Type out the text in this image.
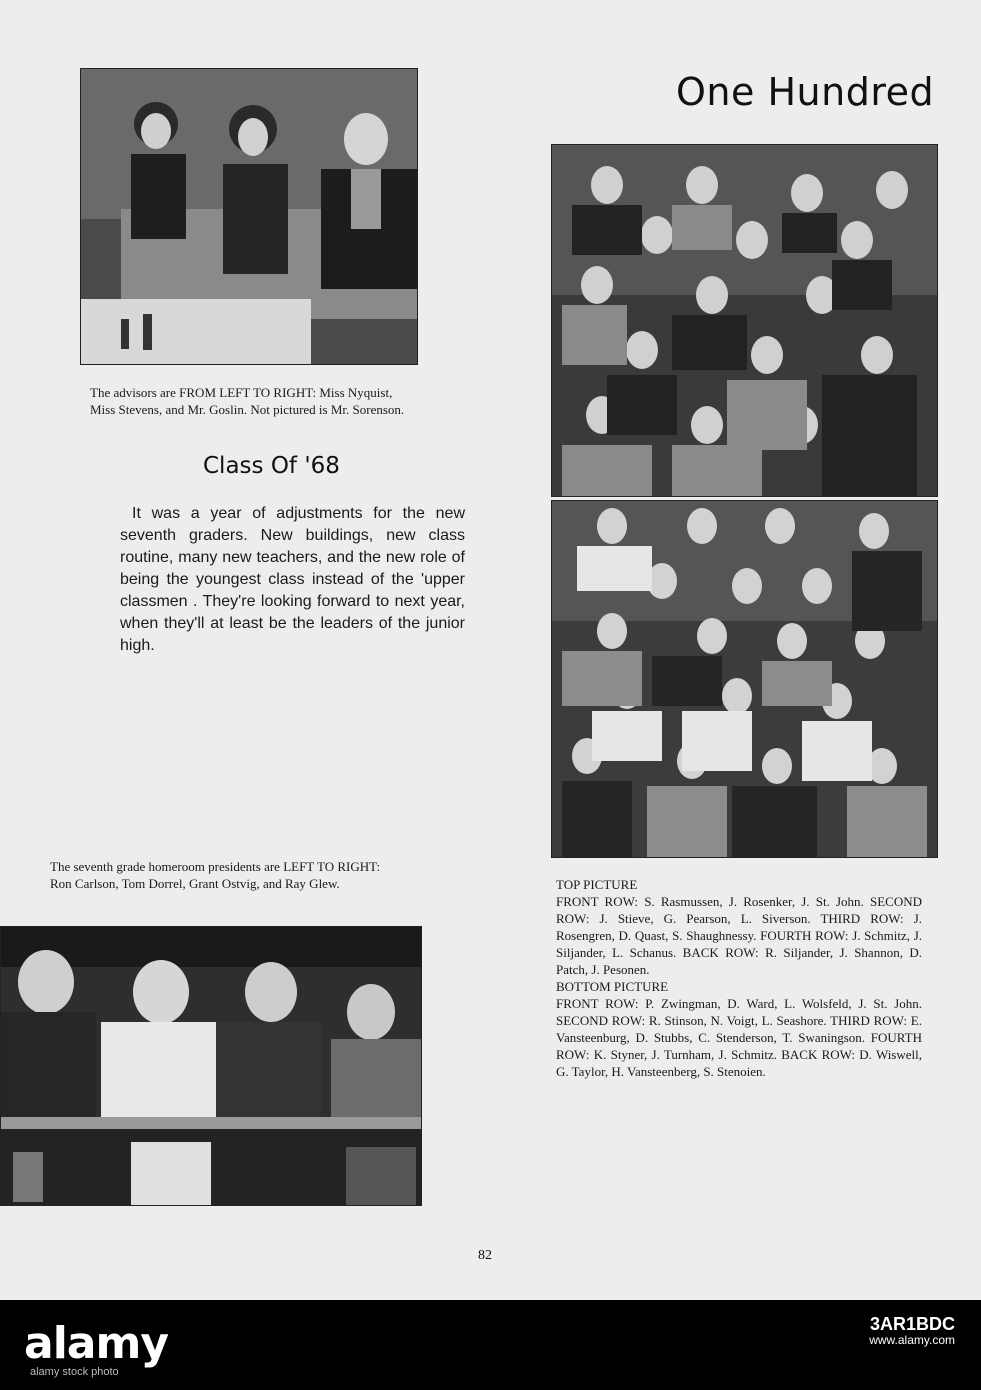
One Hundred
The advisors are FROM LEFT TO RIGHT: Miss Nyquist, Miss Stevens, and Mr. Goslin. Not pictured is Mr. Sorenson.
Class Of '68
It was a year of adjustments for the new seventh graders. New buildings, new class routine, many new teachers, and the new role of being the youngest class instead of the 'upper classmen . They're looking forward to next year, when they'll at least be the leaders of the junior high.
The seventh grade homeroom presidents are LEFT TO RIGHT: Ron Carlson, Tom Dorrel, Grant Ostvig, and Ray Glew.	TOP PICTURE

FRONT ROW: S. Rasmussen, J. Rosenker, J. St. John. SECOND ROW: J. Stieve, G. Pearson, L. Siverson. THIRD ROW: J. Rosengren, D. Quast, S. Shaughnessy. FOURTH ROW: J. Schmitz, J. Siljander, L. Schanus. BACK ROW: R. Siljander, J. Shannon, D. Patch, J. Pesonen.

BOTTOM PICTURE

FRONT ROW: P. Zwingman, D. Ward, L. Wolsfeld, J. St. John. SECOND ROW: R. Stinson, N. Voigt, L. Seashore. THIRD ROW: E. Vansteenburg, D. Stubbs, C. Stenderson, T. Swaningson. FOURTH ROW: K. Styner, J. Turnham, J. Schmitz. BACK ROW: D. Wiswell, G. Taylor, H. Vansteenberg, S. Stenoien.

82
alamy
alamy stock photo
3AR1BDC
www.alamy.com
